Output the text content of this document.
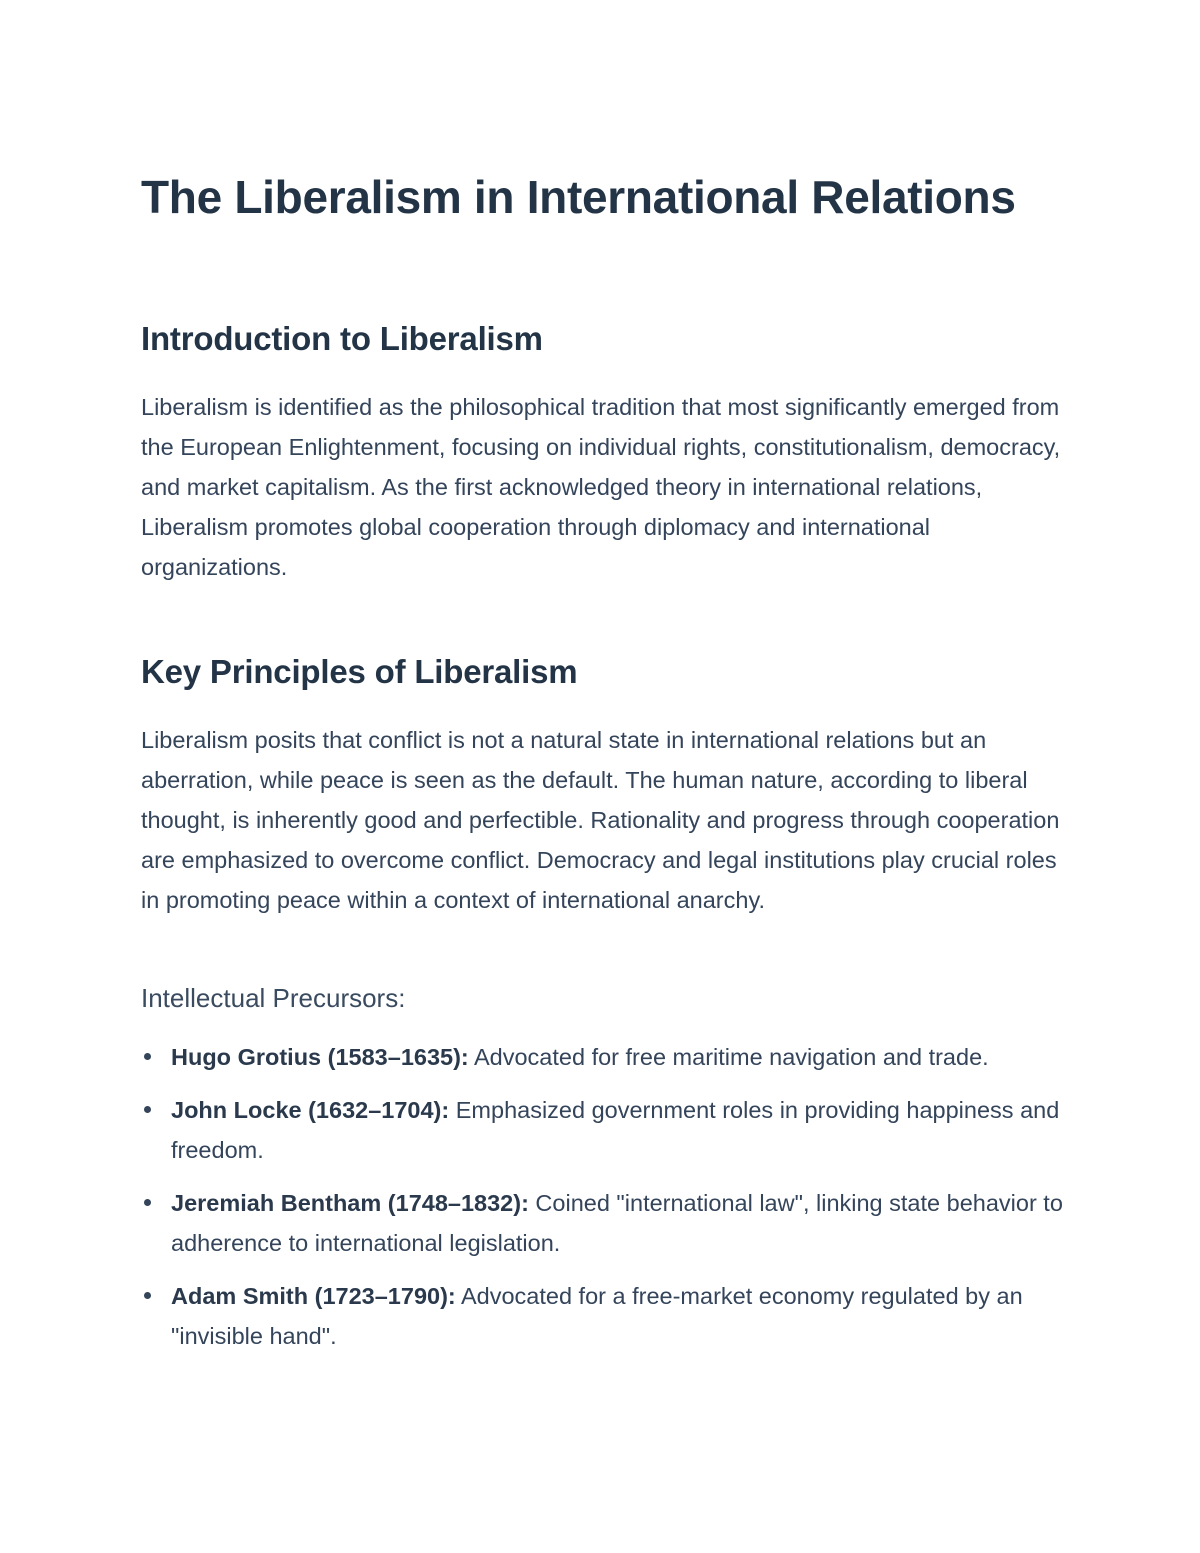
The Liberalism in International Relations
Introduction to Liberalism

Liberalism is identified as the philosophical tradition that most significantly emerged from the European Enlightenment, focusing on individual rights, constitutionalism, democracy, and market capitalism. As the first acknowledged theory in international relations, Liberalism promotes global cooperation through diplomacy and international organizations.

Key Principles of Liberalism

Liberalism posits that conflict is not a natural state in international relations but an aberration, while peace is seen as the default. The human nature, according to liberal thought, is inherently good and perfectible. Rationality and progress through cooperation are emphasized to overcome conflict. Democracy and legal institutions play crucial roles in promoting peace within a context of international anarchy.

Intellectual Precursors:
Hugo Grotius (1583–1635): Advocated for free maritime navigation and trade.
John Locke (1632–1704): Emphasized government roles in providing happiness and freedom.
Jeremiah Bentham (1748–1832): Coined "international law", linking state behavior to adherence to international legislation.
Adam Smith (1723–1790): Advocated for a free-market economy regulated by an "invisible hand".
